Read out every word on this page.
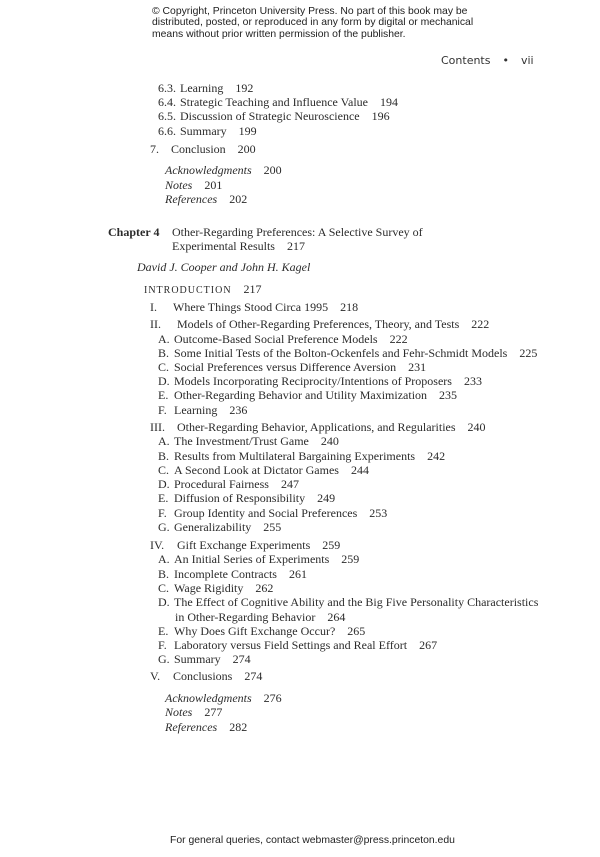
© Copyright, Princeton University Press. No part of this book may be
distributed, posted, or reproduced in any form by digital or mechanical
means without prior written permission of the publisher.
Contents • vii
6.3. Learning 192
6.4. Strategic Teaching and Influence Value 194
6.5. Discussion of Strategic Neuroscience 196
6.6. Summary 199
7. Conclusion 200
Acknowledgments 200
Notes 201
References 202
Chapter 4 Other-Regarding Preferences: A Selective Survey of
Experimental Results 217
David J. Cooper and John H. Kagel
INTRODUCTION 217
I. Where Things Stood Circa 1995 218
II. Models of Other-Regarding Preferences, Theory, and Tests 222
A. Outcome-Based Social Preference Models 222
B. Some Initial Tests of the Bolton-Ockenfels and Fehr-Schmidt Models 225
C. Social Preferences versus Difference Aversion 231
D. Models Incorporating Reciprocity/Intentions of Proposers 233
E. Other-Regarding Behavior and Utility Maximization 235
F. Learning 236
III. Other-Regarding Behavior, Applications, and Regularities 240
A. The Investment/Trust Game 240
B. Results from Multilateral Bargaining Experiments 242
C. A Second Look at Dictator Games 244
D. Procedural Fairness 247
E. Diffusion of Responsibility 249
F. Group Identity and Social Preferences 253
G. Generalizability 255
IV. Gift Exchange Experiments 259
A. An Initial Series of Experiments 259
B. Incomplete Contracts 261
C. Wage Rigidity 262
D. The Effect of Cognitive Ability and the Big Five Personality Characteristics
in Other-Regarding Behavior 264
E. Why Does Gift Exchange Occur? 265
F. Laboratory versus Field Settings and Real Effort 267
G. Summary 274
V. Conclusions 274
Acknowledgments 276
Notes 277
References 282
For general queries, contact webmaster@press.princeton.edu
